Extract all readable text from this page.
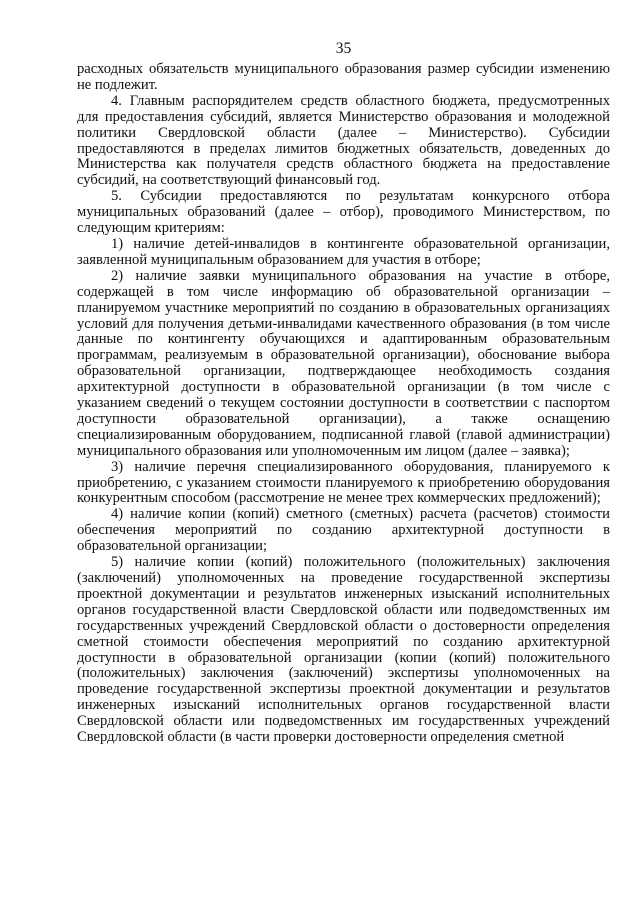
35

расходных обязательств муниципального образования размер субсидии изменению не подлежит.

4. Главным распорядителем средств областного бюджета, предусмотренных для предоставления субсидий, является Министерство образования и молодежной политики Свердловской области (далее – Министерство). Субсидии предоставляются в пределах лимитов бюджетных обязательств, доведенных до Министерства как получателя средств областного бюджета на предоставление субсидий, на соответствующий финансовый год.

5. Субсидии предоставляются по результатам конкурсного отбора муниципальных образований (далее – отбор), проводимого Министерством, по следующим критериям:

1) наличие детей-инвалидов в контингенте образовательной организации, заявленной муниципальным образованием для участия в отборе;

2) наличие заявки муниципального образования на участие в отборе, содержащей в том числе информацию об образовательной организации – планируемом участнике мероприятий по созданию в образовательных организациях условий для получения детьми-инвалидами качественного образования (в том числе данные по контингенту обучающихся и адаптированным образовательным программам, реализуемым в образовательной организации), обоснование выбора образовательной организации, подтверждающее необходимость создания архитектурной доступности в образовательной организации (в том числе с указанием сведений о текущем состоянии доступности в соответствии с паспортом доступности образовательной организации), а также оснащению специализированным оборудованием, подписанной главой (главой администрации) муниципального образования или уполномоченным им лицом (далее – заявка);

3) наличие перечня специализированного оборудования, планируемого к приобретению, с указанием стоимости планируемого к приобретению оборудования конкурентным способом (рассмотрение не менее трех коммерческих предложений);

4) наличие копии (копий) сметного (сметных) расчета (расчетов) стоимости обеспечения мероприятий по созданию архитектурной доступности в образовательной организации;

5) наличие копии (копий) положительного (положительных) заключения (заключений) уполномоченных на проведение государственной экспертизы проектной документации и результатов инженерных изысканий исполнительных органов государственной власти Свердловской области или подведомственных им государственных учреждений Свердловской области о достоверности определения сметной стоимости обеспечения мероприятий по созданию архитектурной доступности в образовательной организации (копии (копий) положительного (положительных) заключения (заключений) экспертизы уполномоченных на проведение государственной экспертизы проектной документации и результатов инженерных изысканий исполнительных органов государственной власти Свердловской области или подведомственных им государственных учреждений Свердловской области (в части проверки достоверности определения сметной
